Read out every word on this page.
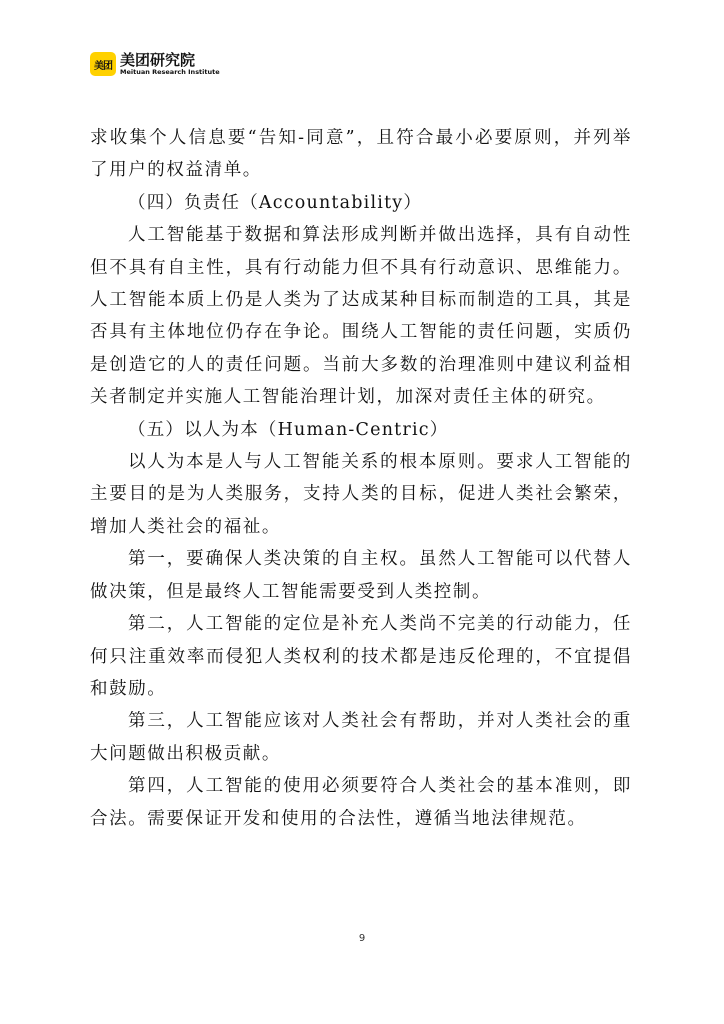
美团 美团研究院
Meituan Research Institute

求收集个人信息要“告知-同意”，且符合最小必要原则，并列举了用户的权益清单。

（四）负责任（Accountability）

人工智能基于数据和算法形成判断并做出选择，具有自动性但不具有自主性，具有行动能力但不具有行动意识、思维能力。人工智能本质上仍是人类为了达成某种目标而制造的工具，其是否具有主体地位仍存在争论。围绕人工智能的责任问题，实质仍是创造它的人的责任问题。当前大多数的治理准则中建议利益相关者制定并实施人工智能治理计划，加深对责任主体的研究。

（五）以人为本（Human-Centric）

以人为本是人与人工智能关系的根本原则。要求人工智能的主要目的是为人类服务，支持人类的目标，促进人类社会繁荣，增加人类社会的福祉。

第一，要确保人类决策的自主权。虽然人工智能可以代替人做决策，但是最终人工智能需要受到人类控制。

第二，人工智能的定位是补充人类尚不完美的行动能力，任何只注重效率而侵犯人类权利的技术都是违反伦理的，不宜提倡和鼓励。

第三，人工智能应该对人类社会有帮助，并对人类社会的重大问题做出积极贡献。

第四，人工智能的使用必须要符合人类社会的基本准则，即合法。需要保证开发和使用的合法性，遵循当地法律规范。

9
